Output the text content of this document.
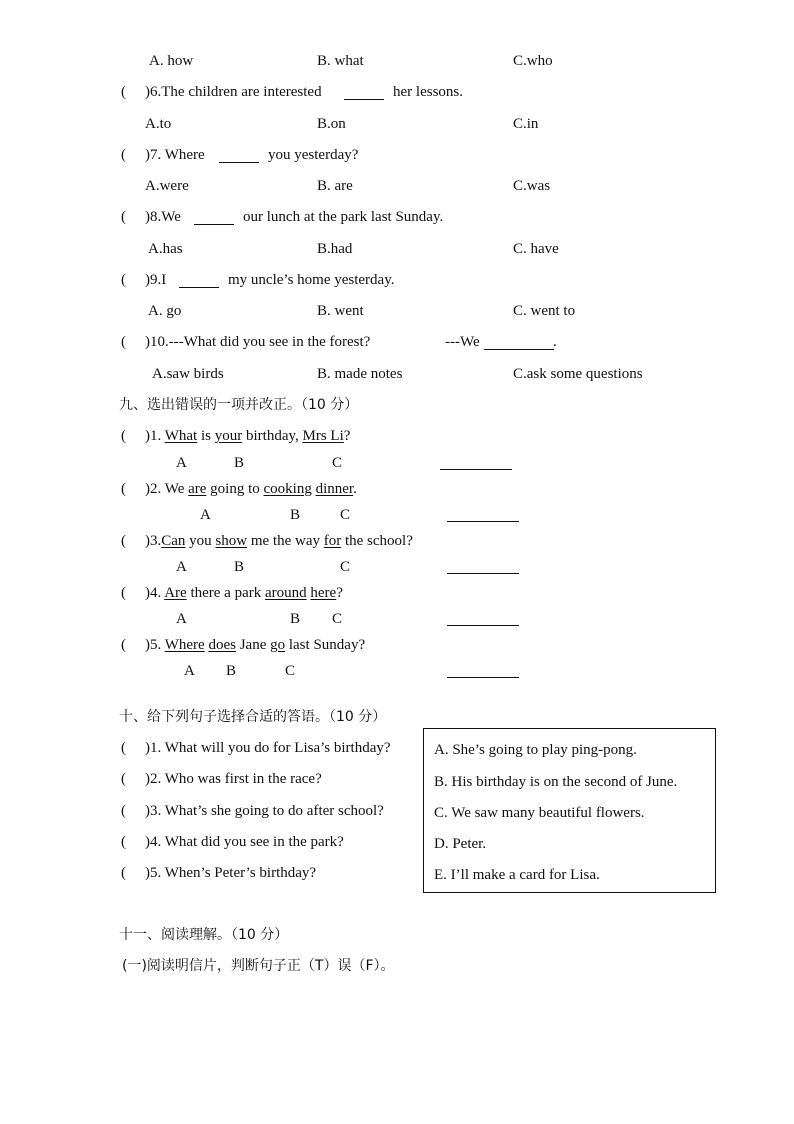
A. how	B. what	C.who
( ) 6.The children are interested	her lessons.
A.to	B.on	C.in
( ) 7. Where	you yesterday?
A.were	B. are	C.was
( ) 8.We	our lunch at the park last Sunday.
A.has	B.had	C. have
( ) 9.I	my uncle’s home yesterday.
A. go	B. went	C. went to
( ) 10.---What did you see in the forest?	---We	.
A.saw birds	B. made notes	C.ask some questions
九、选出错误的一项并改正。（10 分）
( ) 1. What is your birthday, Mrs Li?
A	B	C
( ) 2. We are going to cooking dinner.
A	B	C
( ) 3.Can you show me the way for the school?
A	B	C
( ) 4. Are there a park around here?
A	B C
( ) 5. Where does Jane go last Sunday?
A B	C
十、给下列句子选择合适的答语。（10 分）
( ) 1. What will you do for Lisa’s birthday?
( ) 2. Who was first in the race?
( ) 3. What’s she going to do after school?
( ) 4. What did you see in the park?
( ) 5. When’s Peter’s birthday?
A. She’s going to play ping-pong.
B. His birthday is on the second of June.
C. We saw many beautiful flowers.
D. Peter.
E. I’ll make a card for Lisa.
十一、阅读理解。（10 分）
(一)阅读明信片，判断句子正（T）误（F）。
